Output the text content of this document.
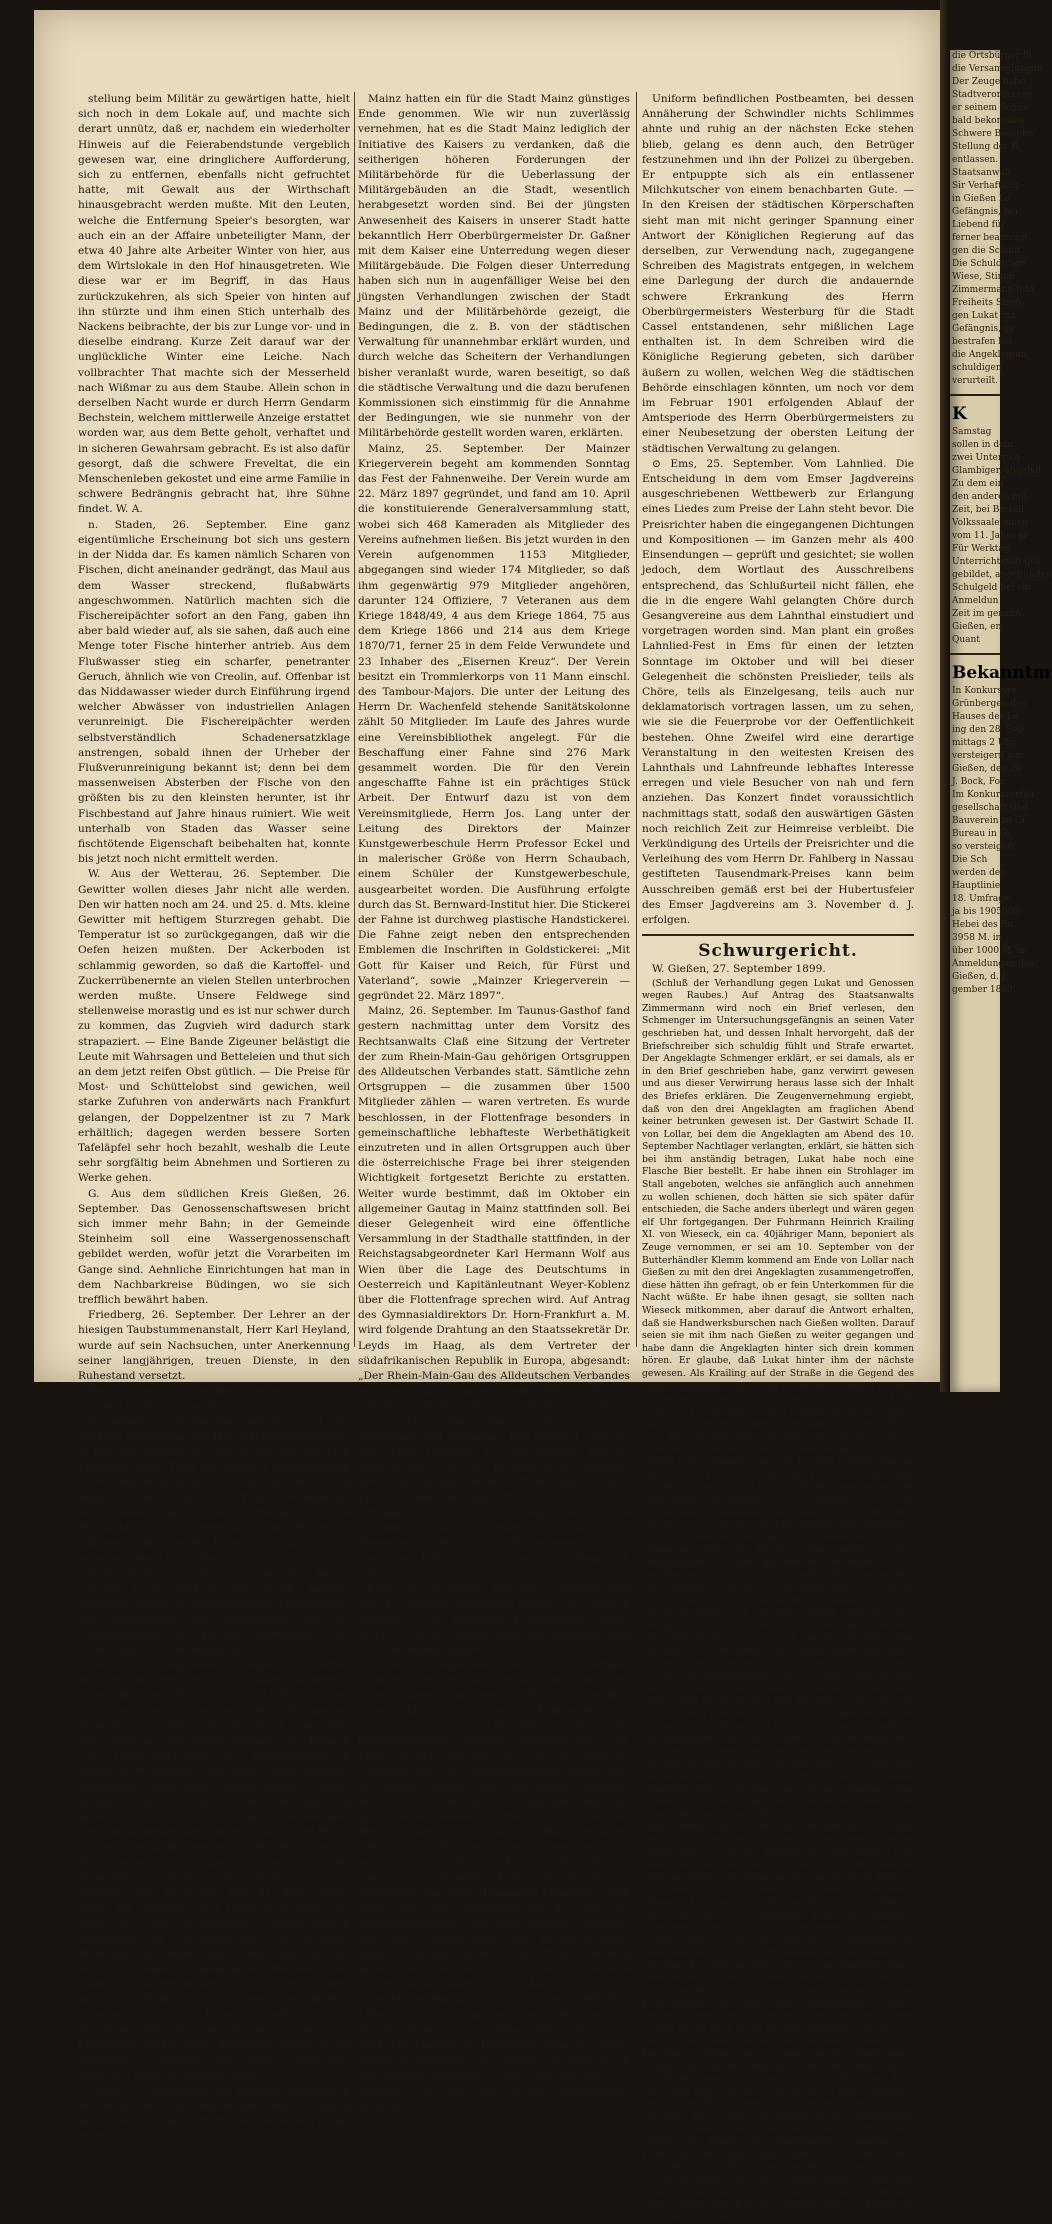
stellung beim Militär zu gewärtigen hatte, hielt sich noch in dem Lokale auf, und machte sich derart unnütz, daß er, nachdem ein wiederholter Hinweis auf die Feierabendstunde vergeblich gewesen war, eine dringlichere Aufforderung, sich zu entfernen, ebenfalls nicht gefruchtet hatte, mit Gewalt aus der Wirthschaft hinausgebracht werden mußte. Mit den Leuten, welche die Entfernung Speier's besorgten, war auch ein an der Affaire unbeteiligter Mann, der etwa 40 Jahre alte Arbeiter Winter von hier, aus dem Wirtslokale in den Hof hinausgetreten. Wie diese war er im Begriff, in das Haus zurückzukehren, als sich Speier von hinten auf ihn stürzte und ihm einen Stich unterhalb des Nackens beibrachte, der bis zur Lunge vor- und in dieselbe eindrang. Kurze Zeit darauf war der unglückliche Winter eine Leiche. Nach vollbrachter That machte sich der Messerheld nach Wißmar zu aus dem Staube. Allein schon in derselben Nacht wurde er durch Herrn Gendarm Bechstein, welchem mittlerweile Anzeige erstattet worden war, aus dem Bette geholt, verhaftet und in sicheren Gewahrsam gebracht. Es ist also dafür gesorgt, daß die schwere Freveltat, die ein Menschenleben gekostet und eine arme Familie in schwere Bedrängnis gebracht hat, ihre Sühne findet. W. A.

n. Staden, 26. September. Eine ganz eigentümliche Erscheinung bot sich uns gestern in der Nidda dar. Es kamen nämlich Scharen von Fischen, dicht aneinander gedrängt, das Maul aus dem Wasser streckend, flußabwärts angeschwommen. Natürlich machten sich die Fischereipächter sofort an den Fang, gaben ihn aber bald wieder auf, als sie sahen, daß auch eine Menge toter Fische hinterher antrieb. Aus dem Flußwasser stieg ein scharfer, penetranter Geruch, ähnlich wie von Creolin, auf. Offenbar ist das Niddawasser wieder durch Einführung irgend welcher Abwässer von industriellen Anlagen verunreinigt. Die Fischereipächter werden selbstverständlich Schadenersatzklage anstrengen, sobald ihnen der Urheber der Flußverunreinigung bekannt ist; denn bei dem massenweisen Absterben der Fische von den größten bis zu den kleinsten herunter, ist ihr Fischbestand auf Jahre hinaus ruiniert. Wie weit unterhalb von Staden das Wasser seine fischtötende Eigenschaft beibehalten hat, konnte bis jetzt noch nicht ermittelt werden.

W. Aus der Wetterau, 26. September. Die Gewitter wollen dieses Jahr nicht alle werden. Den wir hatten noch am 24. und 25. d. Mts. kleine Gewitter mit heftigem Sturzregen gehabt. Die Temperatur ist so zurückgegangen, daß wir die Oefen heizen mußten. Der Ackerboden ist schlammig geworden, so daß die Kartoffel- und Zuckerrübenernte an vielen Stellen unterbrochen werden mußte. Unsere Feldwege sind stellenweise morastig und es ist nur schwer durch zu kommen, das Zugvieh wird dadurch stark strapaziert. — Eine Bande Zigeuner belästigt die Leute mit Wahrsagen und Betteleien und thut sich an dem jetzt reifen Obst gütlich. — Die Preise für Most- und Schüttelobst sind gewichen, weil starke Zufuhren von anderwärts nach Frankfurt gelangen, der Doppelzentner ist zu 7 Mark erhältlich; dagegen werden bessere Sorten Tafeläpfel sehr hoch bezahlt, weshalb die Leute sehr sorgfältig beim Abnehmen und Sortieren zu Werke gehen.

G. Aus dem südlichen Kreis Gießen, 26. September. Das Genossenschaftswesen bricht sich immer mehr Bahn; in der Gemeinde Steinheim soll eine Wassergenossenschaft gebildet werden, wofür jetzt die Vorarbeiten im Gange sind. Aehnliche Einrichtungen hat man in dem Nachbarkreise Büdingen, wo sie sich trefflich bewährt haben.

Friedberg, 26. September. Der Lehrer an der hiesigen Taubstummenanstalt, Herr Karl Heyland, wurde auf sein Nachsuchen, unter Anerkennung seiner langjährigen, treuen Dienste, in den Ruhestand versetzt.

Ilbeshausen, 25. September. Gestern hatten wir hier den ersten Schneefall.

Darmstadt, 26. September. Gestern um 11 Uhr fand die Beerdigung des Herrn Hofmusikdirektors in Pension, Wilhelm Niederhof, auf dem hiesigen Friedhofe statt. Trotz der denkbar ungünstigsten Witterungsverhältnisse hatte sich zu der ersten Feier eine große Trauerversammlung eingefunden, ein sichtbarer Beweis für die Hochachtung und Verehrung, die Niederhof während seines langen Lebens von allen Seiten entgegengebracht wurden.

Heppenheim a. d. B., 26. September. Am 9. Oktober l. Js. wird in der Großh. Landes-Irrenanstalt hier die statutenmäßige Jahresfitzung des Kuratoriums des Hilfsvereins für die Geisteskranken in Hessen stattfinden und vormittags 11½ Uhr beginnen.

Mainz, 25. September. (Gegen ein Bettel-Industrie in Jerusalem.) Wir haben wiederholt Gelegenheit gehabt, vor den Zuschriften einiger galizischer und in neuerer Zeit palästinischer Schnorrer zu warnen, welche direkt oder unter dem Vorwand der Uebersendung von Blumen oder Holzschnitzereien die Mildthätigkeit in Anspruch zu nehmen versuchten. Obgleich unsere Warnungen wiederholt Erfolg gehabt haben, gelang es natürlich nicht, dem Uebel ernstlich Abbruch zu thun. Die betreffenden Geschäftsunternehmer wählen, sobald eine Firma zu sehr bekannt geworden ist, eine andere Deckadresse. Die einzig richtige Art der Behandlung solcher Zuschriften ist, sie unbeantwortet zu lassen. Wen das Herz treibt, etwas für Palästina oder Galizien zu thun, der lasse es den bestehenden Organisationen zukommen. An Privatpersonen, die in jeder Richtung vollkommen unbekannt sind, und die sich von anderen unbekannten Personen nur dadurch unterscheiden, daß sie einem gesicherten Boden entbehren, gegen sie schicken, ist gewiß unrichtig. — Es liegt überdies doch auf der Hand, daß Personen, die in Jerusalem ein Frankfurter und Berliner Adreßbuch besitzen und erhebliche Summen für Porto ausgeben, sicherlich nicht die ärmsten sind.

Mainz, 26. September. Die jüngsten Beratungen der Bürgermeisterei und Militärbehörden wegen der Erwerbung der militärischen Gebäuden in der Stadt

Mainz hatten ein für die Stadt Mainz günstiges Ende genommen. Wie wir nun zuverlässig vernehmen, hat es die Stadt Mainz lediglich der Initiative des Kaisers zu verdanken, daß die seitherigen höheren Forderungen der Militärbehörde für die Ueberlassung der Militärgebäuden an die Stadt, wesentlich herabgesetzt worden sind. Bei der jüngsten Anwesenheit des Kaisers in unserer Stadt hatte bekanntlich Herr Oberbürgermeister Dr. Gaßner mit dem Kaiser eine Unterredung wegen dieser Militärgebäude. Die Folgen dieser Unterredung haben sich nun in augenfälliger Weise bei den jüngsten Verhandlungen zwischen der Stadt Mainz und der Militärbehörde gezeigt, die Bedingungen, die z. B. von der städtischen Verwaltung für unannehmbar erklärt wurden, und durch welche das Scheitern der Verhandlungen bisher veranlaßt wurde, waren beseitigt, so daß die städtische Verwaltung und die dazu berufenen Kommissionen sich einstimmig für die Annahme der Bedingungen, wie sie nunmehr von der Militärbehörde gestellt worden waren, erklärten.

Mainz, 25. September. Der Mainzer Kriegerverein begeht am kommenden Sonntag das Fest der Fahnenweihe. Der Verein wurde am 22. März 1897 gegründet, und fand am 10. April die konstituierende Generalversammlung statt, wobei sich 468 Kameraden als Mitglieder des Vereins aufnehmen ließen. Bis jetzt wurden in den Verein aufgenommen 1153 Mitglieder, abgegangen sind wieder 174 Mitglieder, so daß ihm gegenwärtig 979 Mitglieder angehören, darunter 124 Offiziere, 7 Veteranen aus dem Kriege 1848/49, 4 aus dem Kriege 1864, 75 aus dem Kriege 1866 und 214 aus dem Kriege 1870/71, ferner 25 in dem Felde Verwundete und 23 Inhaber des „Eisernen Kreuz“. Der Verein besitzt ein Trommlerkorps von 11 Mann einschl. des Tambour-Majors. Die unter der Leitung des Herrn Dr. Wachenfeld stehende Sanitätskolonne zählt 50 Mitglieder. Im Laufe des Jahres wurde eine Vereinsbibliothek angelegt. Für die Beschaffung einer Fahne sind 276 Mark gesammelt worden. Die für den Verein angeschaffte Fahne ist ein prächtiges Stück Arbeit. Der Entwurf dazu ist von dem Vereinsmitgliede, Herrn Jos. Lang unter der Leitung des Direktors der Mainzer Kunstgewerbeschule Herrn Professor Eckel und in malerischer Größe von Herrn Schaubach, einem Schüler der Kunstgewerbeschule, ausgearbeitet worden. Die Ausführung erfolgte durch das St. Bernward-Institut hier. Die Stickerei der Fahne ist durchweg plastische Handstickerei. Die Fahne zeigt neben den entsprechenden Emblemen die Inschriften in Goldstickerei: „Mit Gott für Kaiser und Reich, für Fürst und Vaterland“, sowie „Mainzer Kriegerverein — gegründet 22. März 1897“.

Mainz, 26. September. Im Taunus-Gasthof fand gestern nachmittag unter dem Vorsitz des Rechtsanwalts Claß eine Sitzung der Vertreter der zum Rhein-Main-Gau gehörigen Ortsgruppen des Alldeutschen Verbandes statt. Sämtliche zehn Ortsgruppen — die zusammen über 1500 Mitglieder zählen — waren vertreten. Es wurde beschlossen, in der Flottenfrage besonders in gemeinschaftliche lebhafteste Werbethätigkeit einzutreten und in allen Ortsgruppen auch über die österreichische Frage bei ihrer steigenden Wichtigkeit fortgesetzt Berichte zu erstatten. Weiter wurde bestimmt, daß im Oktober ein allgemeiner Gautag in Mainz stattfinden soll. Bei dieser Gelegenheit wird eine öffentliche Versammlung in der Stadthalle stattfinden, in der Reichstagsabgeordneter Karl Hermann Wolf aus Wien über die Lage des Deutschtums in Oesterreich und Kapitänleutnant Weyer-Koblenz über die Flottenfrage sprechen wird. Auf Antrag des Gymnasialdirektors Dr. Horn-Frankfurt a. M. wird folgende Drahtung an den Staatssekretär Dr. Leyds im Haag, als dem Vertreter der südafrikanischen Republik in Europa, abgesandt: „Der Rhein-Main-Gau des Alldeutschen Verbandes versichert das stammverwandte Burenvolk und seinen verehrten greisen Führer in diesen entscheidungsvollen Tagen seiner treusten Zuneigung und Teilnahme und vertraut, daß es, wie schon zweimal, des übermütigen Feindes Herr werde. Von den Deutschen in Transvaal erwarten wir, daß sie ihre Pflicht thun werden. Transvaal Heil und Sieg.“ (T. A.)

Frankfurt a. M., 26. September. Heute nachmittag hat in einer Wirtschaft mit Damenbedienung in der Allerheiligenstraße ein Gast eine Kellnerin erschossen und dann sich selbst.

Fulda, 26. September. Mit dem 1. Oktober wird das 47. Artillerie-Regiment hierher in Garnison kommen. Zum Regiments-Kommandeur wurde Major v. Wachs ernannt und das Regiment dem 11. Armeekorps zugeteilt.

Cassel, 26. September. Ueber ein Schwindel-Manöver, welches sich neulich an einem der letzten Abende an dem Schalter des hiesigen hauptsächlichen Postamtes am Königsplatz, und zwar an der Einzahlungsstelle für Postanweisungen, abspielte, berichtet das „Caff. Tgbl.“: Wenige Minuten vor 8 Uhr, also kurz vor Schalterschluß, wo erfahrungsgemäß gerade hier an diesem Schalter stets ein großes Gedränge herrscht, erscheint ein etwa 11jähriger Junge und gibt eine Postanweisung über 120 Mk. auf. Der Betrag sollte in 150 Mark in Rolle befinden, welche in der üblichen Weise versiegelt war und auch die Aufschrift: 120 Mark in 3-Markstücken trug. Der Schwindler hatte nun gleich von vornherein eine große Dummheit begangen, denn sonst wäre ihm womöglich bei der Eile der Annahmebeamten und dem großen Gedränge kurz vor Schalterschluß das Betrugsmanöver geglückt, er hatte nämlich anstatt der üblichen Rollen von 150 Mark = 50-Thalerstücke eine solche von 40 Thalern = 120 Mark in Größe und Gewicht nachgemacht, was im geschäftlichen Leben wenig oder gar nicht geschieht. Das fiel dem Postbeamten auf, er öffnete die Geldrolle und fand statt Thalern nur Bleistücke darin. Der Junge wurde festgehalten und gehörig ausgefragt, ob ein draußen wartender Mann habe ihm das Geld gegeben. Mit Hilfe eines gerade anwesenden, nicht in

Uniform befindlichen Postbeamten, bei dessen Annäherung der Schwindler nichts Schlimmes ahnte und ruhig an der nächsten Ecke stehen blieb, gelang es denn auch, den Betrüger festzunehmen und ihn der Polizei zu übergeben. Er entpuppte sich als ein entlassener Milchkutscher von einem benachbarten Gute. — In den Kreisen der städtischen Körperschaften sieht man mit nicht geringer Spannung einer Antwort der Königlichen Regierung auf das derselben, zur Verwendung nach, zugegangene Schreiben des Magistrats entgegen, in welchem eine Darlegung der durch die andauernde schwere Erkrankung des Herrn Oberbürgermeisters Westerburg für die Stadt Cassel entstandenen, sehr mißlichen Lage enthalten ist. In dem Schreiben wird die Königliche Regierung gebeten, sich darüber äußern zu wollen, welchen Weg die städtischen Behörde einschlagen könnten, um noch vor dem im Februar 1901 erfolgenden Ablauf der Amtsperiode des Herrn Oberbürgermeisters zu einer Neubesetzung der obersten Leitung der städtischen Verwaltung zu gelangen.

⊙ Ems, 25. September. Vom Lahnlied. Die Entscheidung in dem vom Emser Jagdvereins ausgeschriebenen Wettbewerb zur Erlangung eines Liedes zum Preise der Lahn steht bevor. Die Preisrichter haben die eingegangenen Dichtungen und Kompositionen — im Ganzen mehr als 400 Einsendungen — geprüft und gesichtet; sie wollen jedoch, dem Wortlaut des Ausschreibens entsprechend, das Schlußurteil nicht fällen, ehe die in die engere Wahl gelangten Chöre durch Gesangvereine aus dem Lahnthal einstudiert und vorgetragen worden sind. Man plant ein großes Lahnlied-Fest in Ems für einen der letzten Sonntage im Oktober und will bei dieser Gelegenheit die schönsten Preislieder, teils als Chöre, teils als Einzelgesang, teils auch nur deklamatorisch vortragen lassen, um zu sehen, wie sie die Feuerprobe vor der Oeffentlichkeit bestehen. Ohne Zweifel wird eine derartige Veranstaltung in den weitesten Kreisen des Lahnthals und Lahnfreunde lebhaftes Interesse erregen und viele Besucher von nah und fern anziehen. Das Konzert findet voraussichtlich nachmittags statt, sodaß den auswärtigen Gästen noch reichlich Zeit zur Heimreise verbleibt. Die Verkündigung des Urteils der Preisrichter und die Verleihung des vom Herrn Dr. Fahlberg in Nassau gestifteten Tausendmark-Preises kann beim Ausschreiben gemäß erst bei der Hubertusfeier des Emser Jagdvereins am 3. November d. J. erfolgen.

Schwurgericht.

W. Gießen, 27. September 1899.

(Schluß der Verhandlung gegen Lukat und Genossen wegen Raubes.) Auf Antrag des Staatsanwalts Zimmermann wird noch ein Brief verlesen, den Schmenger im Untersuchungsgefängnis an seinen Vater geschrieben hat, und dessen Inhalt hervorgeht, daß der Briefschreiber sich schuldig fühlt und Strafe erwartet. Der Angeklagte Schmenger erklärt, er sei damals, als er in den Brief geschrieben habe, ganz verwirrt gewesen und aus dieser Verwirrung heraus lasse sich der Inhalt des Briefes erklären. Die Zeugenvernehmung ergiebt, daß von den drei Angeklagten am fraglichen Abend keiner betrunken gewesen ist. Der Gastwirt Schade II. von Lollar, bei dem die Angeklagten am Abend des 10. September Nachtlager verlangten, erklärt, sie hätten sich bei ihm anständig betragen, Lukat habe noch eine Flasche Bier bestellt. Er habe ihnen ein Strohlager im Stall angeboten, welches sie anfänglich auch annehmen zu wollen schienen, doch hätten sie sich später dafür entschieden, die Sache anders überlegt und wären gegen elf Uhr fortgegangen. Der Fuhrmann Heinrich Krailing XI. von Wieseck, ein ca. 40jähriger Mann, beponiert als Zeuge vernommen, er sei am 10. September von der Butterhändler Klemm kommend am Ende von Lollar nach Gießen zu mit den drei Angeklagten zusammengetroffen, diese hätten ihn gefragt, ob er fein Unterkommen für die Nacht wüßte. Er habe ihnen gesagt, sie sollten nach Wieseck mitkommen, aber darauf die Antwort erhalten, daß sie Handwerksburschen nach Gießen wollten. Darauf seien sie mit ihm nach Gießen zu weiter gegangen und habe dann die Angeklagten hinter sich drein kommen hören. Er glaube, daß Lukat hinter ihm der nächste gewesen. Als Krailing auf der Straße in die Gegend des Waldes gekommen, habe ihn Lukat, der plötzlich vor ihm gestanden, an der Gurgel gepackt und gerufen: „Halt! Geld her! Du bekommst soviel Schläge als Du nur tragen kannst.“ Im selben Moment habe ihm Lukat seine Hand aus der Hosentasche gerissen, die beiden anderen Genossen hätten ihn jeder an einer Hand gepackt und hielten fest, während Lukat die Taschen visitiert, ihm an baren Geld 1 Mk. 40 Pfg. bis 1 Mk. 50 Pfg., sein Taschenmesser und die Uhr mit Kette abgenommen. Die ganze Affaire sei blitzartig vor sich gegangen, er sei nicht zur Besinnung gekommen und habe gar nicht um Hilfe gerufen. So er von den drei Menschen Furcht empfunden und froh gewesen sei, daß er mit heiler Haut davon gekommen. Die drei Räuber seien darauf vor ihm hergegangen und hätten gepfiffen und gesungen. Da, wo der Weg nach der Badenburg abgeht, hätten die drei den Verwundeten das Freiprozessen abgenommen, das er sie nicht verrate, sonst würden sie ihn totschlagen. Da er auf der Stelle bliebe. Ob bei dem Angriff einer der Drei gesagt hat: „Laßt doch den Mann gehen, gebt ihm doch sein Geld wieder, er ist ja auch nur ein Arbeiter“, oder daß einer von den Dreien vom Angriff abgemahnt habe, hat der Zeuge nicht gehört. Richtig sei, daß als man ihm das Messer abgenommen, sagte, so habe einer gesagt: Bleib mir das, das Messer hätte, er die Aeußerung gehört habe: „Gebt mir doch einer mal den Fuß vor der Uhr.“ Er sei dann froh gewesen, daß er so davon gekommen war und um sich nicht noch zu Leide anrichten ließ, beliebig davongegangen. Sie seien an der Wieseck angelangt und da seien Schmenger gegangen, um dem zur Verfolgung der Räuber aufzufordern. Derselbe habe sich sofort per Rad aufgemacht. — Der Mourer Ph. Nöser von Wieseck deponiert, daß er, als ihm sein Schwager Krailing seine Erlebnisse auf der Straße Lollar-Gießen mitgeteilt habe, sofort die Verfolgung der drei Gesellen per Fahrrad aufgenommen habe. Bei der Burgkirche, vor dem Restaurant „Zur Stadt Marburg“ unter einer Laterne stehen, habe er die drei Angeklagten etwa gegen 1 Uhr nachts getroffen und diese aufgefordert, mit ihm nach der Stadt zu gehen. Sie hätten, an Ort und Stelle zu bleiben, sich geweigert, als er einen, sich geweigert, bei einem etwaigen Fluchtversuch mit dem Revolver zu schießen. Die Sache sei auch anfänglich ganz gut gegangen. Unterwegs habe er, und sie sei anscheinend schwerer zu Gewalt wider, zu versuchte, mit ihm zu verhandeln, er habe aber sich darauf nicht eingelassen und wiederholt mit dem Revolver gedroht. Da er nur ungefähr einen anderen Weg mit ihm, von denen er die Straße verließ, er, ist Zeuge, dem anderen habe gezeigt, so sei an einer Ecke gebeten, der andere fern nachgegangen worden. Bei den Zweien des Justizgebäudes gelaufen, der andere in dem Zeuge nach in die Kaserne gegangen war, ihn von dem Vorfall dem gerade anwesenden Militärposten Kenntnis gegeben, und als man nun den Gendarmerie gestellt und als erschien noch ein etwa zwei halben Stunde mit zwei Gendarmen wieder zur Stelle, wo dann nun Lukat unter einem Busch hervorzog und Schmenger, der auf die Hecke eine Gehölz ausgebrochen, zu Fall gebracht. Der Zeuge Carl Küpper, erster Stadtsekretär und Vorsitzender des Gewerbegerichts zu Pirmasens, erklärt, die Familie des Angeklagten Schmenger in Pirmasens ein sehr angesehene. Die Eltern und Geschwister desselben seien sämmtlich ordentliche und rechtliche Leute, die Eltern hätten ihrem Sohne eine Erziehung gegeben, wie er ihm nicht besser, ordentlicher, nach vorbildlichen Rat der Stadtmissionar in Pirmasens daß ihm jüngst erklärt, daß er

die Ortsbürger fü
die Versammlungen
Der Zeuge habe
Stadtverordneten
er seinem Sohne
bald bekommen
Schwere Bedrohu
Stellung der R
entlassen.
Staatsanwalt
Sir Verhaftung
in Gießen Lu
Gefängnis, bei
Liebend für
ferner beantragt
gen die Schuld
Die Schuldfrage
Wiese, Stimm
Zimmermann fehl
Freiheits Strafe
gen Lukat unt
Gefängnis, ge
bestrafen bei
die Angeklagten
schuldigen
verurteilt.
K
Samstag
sollen in dem
zwei Unterrich
Glambiger, abgehal
Zu dem ein
den anderen mit
Zeit, bei Bestell
Volkssaale innen
vom 11. Jahre al
Für Werktag
Unterrichtszeit geh
gebildet, angebunden
Schulgeld bei ein
Anmeldun
Zeit im genann
Gießen, en
Quant
Bekanntm
In Konkursver
Grünbergen des
Hauses des Le
ing den 28. Sep
mittags 2 Uhr
versteigern aus.
Gießen, den 26
J. Bock, For
Im Konkursverfah
gesellschaft sind
Bauverein zu Gi
Bureau in Gi
so versteigert
Die Sch
werden der
Hauptlinie
18. Umfrage
ja bis 1905000
Hebei des Ru
3958 M. in
über 1000 M. in
Anmeldungen des
Gießen, d. J.
gember 1899.
